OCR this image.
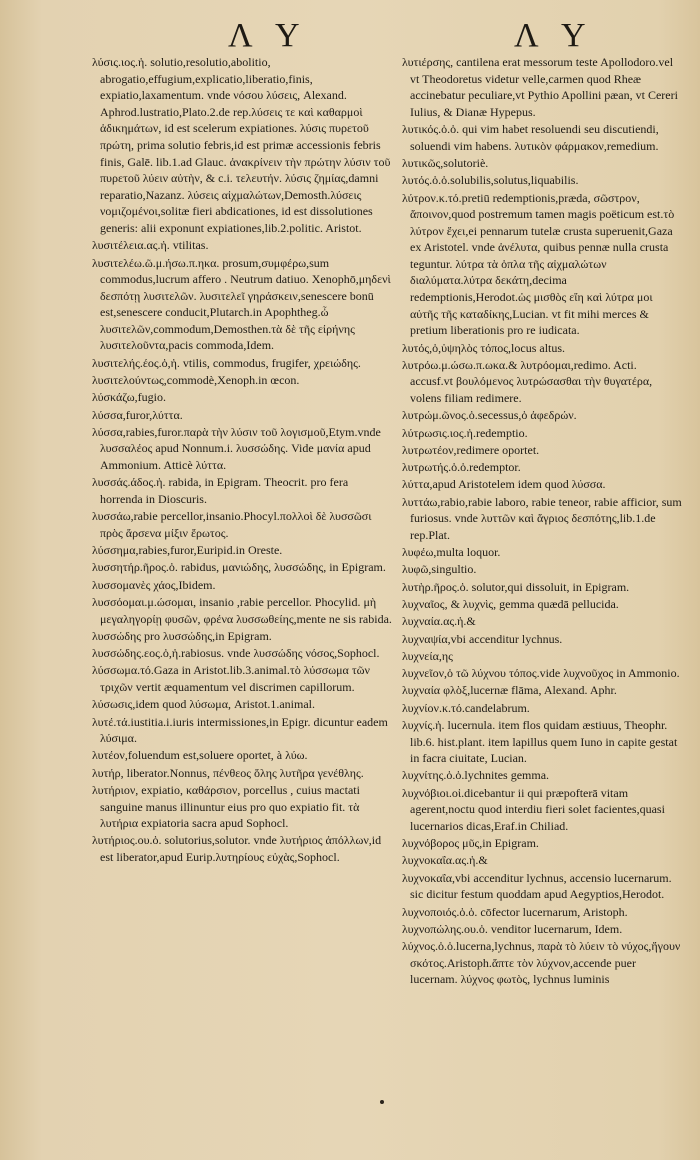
Λ Υ	Λ Υ

λύσις.ιος.ἡ. solutio,resolutio,abolitio, abrogatio,effugium,explicatio,liberatio,finis, expiatio,laxamentum. vnde νόσου λύσεις, Alexand. Aphrod.lustratio,Plato.2.de rep.λύσεις τε καὶ καθαρμοὶ ἀδικημάτων, id est scelerum expiationes. λύσις πυρετοῦ πρώτη, prima solutio febris,id est primæ accessionis febris finis, Galē. lib.1.ad Glauc. ἀνακρίνειν τὴν πρώτην λύσιν τοῦ πυρετοῦ λύειν αὐτὴν, & c.i. τελευτήν. λύσις ζημίας,damni reparatio,Nazanz. λύσεις αἰχμαλώτων,Demosth.λύσεις νομιζομένοι,solitæ fieri abdicationes, id est dissolutiones generis: alii exponunt expiationes,lib.2.politic. Aristot.

λυσιτέλεια.ας.ἡ. vtilitas.

λυσιτελέω.ῶ.μ.ήσω.π.ηκα. prosum,συμφέρω,sum commodus,lucrum affero . Neutrum datiuo. Xenophō,μηδενὶ δεσπότῃ λυσιτελῶν. λυσιτελεῖ γηράσκειν,senescere bonū est,senescere conducit,Plutarch.in Apophtheg.ὦ λυσιτελῶν,commodum,Demosthen.τὰ δὲ τῆς εἰρήνης λυσιτελοῦντα,pacis commoda,Idem.

λυσιτελής.έος.ὁ,ἡ. vtilis, commodus, frugifer, χρειώδης.

λυσιτελούντως,commodè,Xenoph.in œcon.

λύσκάζω,fugio.

λύσσα,furor,λύττα.

λύσσα,rabies,furor.παρὰ τὴν λύσιν τοῦ λογισμοῦ,Etym.vnde λυσσαλέος apud Nonnum.i. λυσσώδης. Vide μανία apud Ammonium. Atticè λύττα.

λυσσάς.άδος.ἡ. rabida, in Epigram. Theocrit. pro fera horrenda in Dioscuris.

λυσσάω,rabie percellor,insanio.Phocyl.πολλοὶ δὲ λυσσῶσι πρὸς ἄρσενα μίξιν ἔρωτος.

λύσσημα,rabies,furor,Euripid.in Oreste.

λυσσητήρ.ῆρος.ὁ. rabidus, μανιώδης, λυσσώδης, in Epigram.

λυσσομανὲς χάος,Ibidem.

λυσσόομαι.μ.ώσομαι, insanio ,rabie percellor. Phocylid. μὴ μεγαληγορίῃ φυσῶν, φρένα λυσσωθείης,mente ne sis rabida.

λυσσώδης pro λυσσώδης,in Epigram.

λυσσώδης.εος.ὁ,ἡ.rabiosus. vnde λυσσώδης νόσος,Sophocl.

λύσσωμα.τό.Gaza in Aristot.lib.3.animal.τὸ λύσσωμα τῶν τριχῶν vertit æquamentum vel discrimen capillorum.

λύσωσις,idem quod λύσωμα, Aristot.1.animal.

λυτέ.τά.iustitia.i.iuris intermissiones,in Epigr. dicuntur eadem λύσιμα.

λυτέον,foluendum est,soluere oportet, à λύω.

λυτήρ, liberator.Nonnus, πένθεος ὅλης λυτῆρα γενέθλης.

λυτήριον, expiatio, καθάρσιον, porcellus , cuius mactati sanguine manus illinuntur eius pro quo expiatio fit. τὰ λυτήρια expiatoria sacra apud Sophocl.

λυτήριος.ου.ὁ. solutorius,solutor. vnde λυτήριος ἀπόλλων,id est liberator,apud Eurip.λυτηρίους εὐχὰς,Sophocl.

λυτιέρσης, cantilena erat messorum teste Apollodoro.vel vt Theodoretus videtur velle,carmen quod Rheæ accinebatur peculiare,vt Pythio Apollini pæan, vt Cereri Iulius, & Dianæ Hypepus.

λυτικός.ὁ.ὁ. qui vim habet resoluendi seu discutiendi, soluendi vim habens. λυτικὸν φάρμακον,remedium.

λυτικῶς,solutoriè.

λυτός.ὁ.ὁ.solubilis,solutus,liquabilis.

λύτρον.κ.τό.pretiū redemptionis,præda, σῶστρον, ἄποινον,quod postremum tamen magis poëticum est.τὸ λύτρον ἔχει,ei pennarum tutelæ crusta superuenit,Gaza ex Aristotel. vnde ἀνέλυτα, quibus pennæ nulla crusta teguntur. λύτρα τὰ ὁπλα τῆς αἰχμαλώτων διαλύματα.λύτρα δεκάτη,decima redemptionis,Herodot.ὡς μισθὸς εἴη καὶ λύτρα μοι αὐτῆς τῆς καταδίκης,Lucian. vt fit mihi merces & pretium liberationis pro re iudicata.

λυτός,ὁ,ὑψηλὸς τόπος,locus altus.

λυτρόω.μ.ώσω.π.ωκα.& λυτρόομαι,redimo. Acti. accusf.vt βουλόμενος λυτρώσασθαι τὴν θυγατέρα, volens filiam redimere.

λυτρώμ.ῶνος.ὁ.secessus,ὁ ἀφεδρών.

λύτρωσις.ιος.ἡ.redemptio.

λυτρωτέον,redimere oportet.

λυτρωτής.ὁ.ὁ.redemptor.

λύττα,apud Aristotelem idem quod λύσσα.

λυττάω,rabio,rabie laboro, rabie teneor, rabie afficior, sum furiosus. vnde λυττῶν καὶ ἄγριος δεσπότης,lib.1.de rep.Plat.

λυφέω,multa loquor.

λυφῶ,singultio.

λυτὴρ.ῆρος.ὁ. solutor,qui dissoluit, in Epigram.

λυχναῖος, & λυχνὶς, gemma quædā pellucida.

λυχναία.ας.ἡ.&

λυχναψία,vbi accenditur lychnus.

λυχνεία,ης

λυχνεῖον,ὁ τῶ λύχνου τόπος.vide λυχνοῦχος in Ammonio.

λυχναία φλὸξ,lucernæ flāma, Alexand. Aphr.

λυχνίον.κ.τό.candelabrum.

λυχνίς.ἡ. lucernula. item flos quidam æstiuus, Theophr. lib.6. hist.plant. item lapillus quem Iuno in capite gestat in facra ciuitate, Lucian.

λυχνίτης.ὁ.ὁ.lychnites gemma.

λυχνόβιοι.οἱ.dicebantur ii qui præpofterā vitam agerent,noctu quod interdiu fieri solet facientes,quasi lucernarios dicas,Eraf.in Chiliad.

λυχνόβορος μῦς,in Epigram.

λυχνοκαΐα.ας.ἡ.&

λυχνοκαΐα,vbi accenditur lychnus, accensio lucernarum. sic dicitur festum quoddam apud Aegyptios,Herodot.

λυχνοποιός.ὁ.ὁ. cōfector lucernarum, Aristoph.

λυχνοπώλης.ου.ὁ. venditor lucernarum, Idem.

λύχνος.ὁ.ὁ.lucerna,lychnus, παρὰ τὸ λύειν τὸ νύχος,ἤγουν σκότος.Aristoph.ἅπτε τὸν λύχνον,accende puer lucernam. λύχνος φωτὸς, lychnus luminis
